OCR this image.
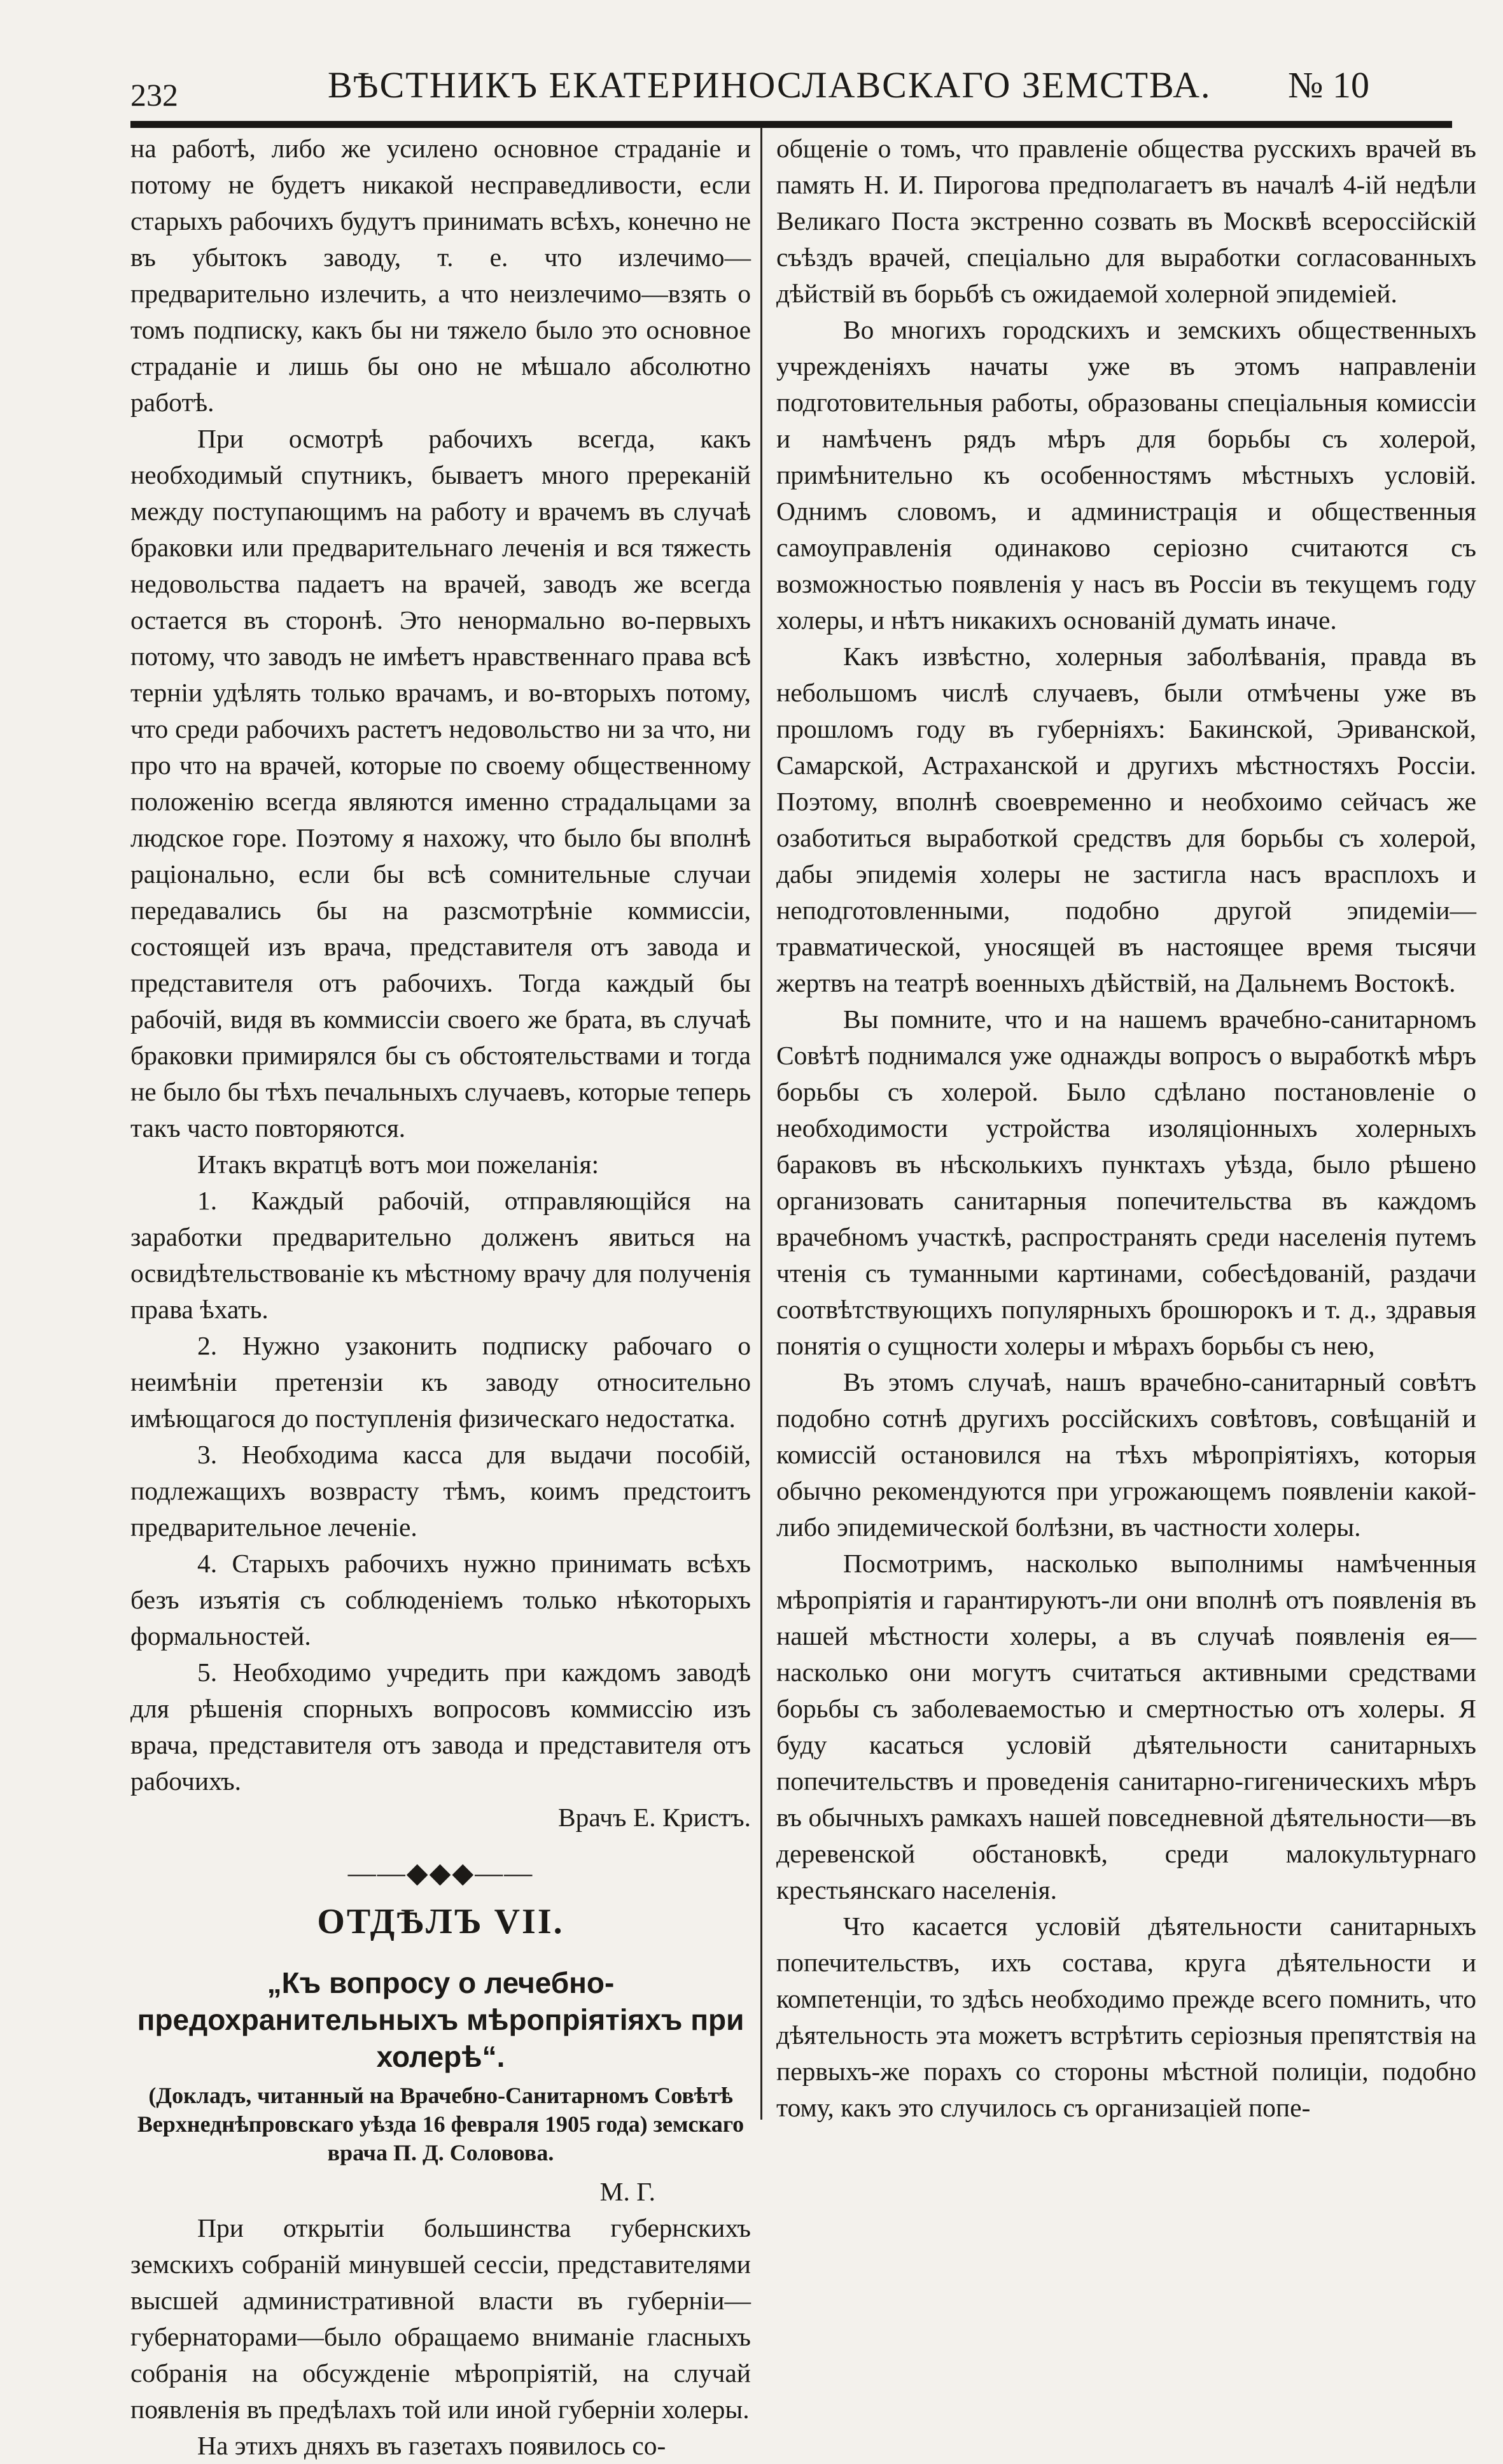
232	ВѢСТНИКЪ ЕКАТЕРИНОСЛАВСКАГО ЗЕМСТВА. № 10

на работѣ, либо же усилено основное страданіе и потому не будетъ никакой несправедливости, если старыхъ рабочихъ будутъ принимать всѣхъ, конечно не въ убытокъ заводу, т. е. что излечимо—предварительно излечить, а что неизлечимо—взять о томъ подписку, какъ бы ни тяжело было это основное страданіе и лишь бы оно не мѣшало абсолютно работѣ.

При осмотрѣ рабочихъ всегда, какъ необходимый спутникъ, бываетъ много пререканій между поступающимъ на работу и врачемъ въ случаѣ браковки или предварительнаго леченія и вся тяжесть недовольства падаетъ на врачей, заводъ же всегда остается въ сторонѣ. Это ненормально во-первыхъ потому, что заводъ не имѣетъ нравственнаго права всѣ терніи удѣлять только врачамъ, и во-вторыхъ потому, что среди рабочихъ растетъ недовольство ни за что, ни про что на врачей, которые по своему общественному положенію всегда являются именно страдальцами за людское горе. Поэтому я нахожу, что было бы вполнѣ раціонально, если бы всѣ сомнительные случаи передавались бы на разсмотрѣніе коммиссіи, состоящей изъ врача, представителя отъ завода и представителя отъ рабочихъ. Тогда каждый бы рабочій, видя въ коммиссіи своего же брата, въ случаѣ браковки примирялся бы съ обстоятельствами и тогда не было бы тѣхъ печальныхъ случаевъ, которые теперь такъ часто повторяются.

Итакъ вкратцѣ вотъ мои пожеланія:

1. Каждый рабочій, отправляющійся на заработки предварительно долженъ явиться на освидѣтельствованіе къ мѣстному врачу для полученія права ѣхать.

2. Нужно узаконить подписку рабочаго о неимѣніи претензіи къ заводу относительно имѣющагося до поступленія физическаго недостатка.

3. Необходима касса для выдачи пособій, подлежащихъ возврасту тѣмъ, коимъ предстоитъ предварительное леченіе.

4. Старыхъ рабочихъ нужно принимать всѣхъ безъ изъятія съ соблюденіемъ только нѣкоторыхъ формальностей.

5. Необходимо учредить при каждомъ заводѣ для рѣшенія спорныхъ вопросовъ коммиссію изъ врача, представителя отъ завода и представителя отъ рабочихъ.

Врачъ Е. Кристъ.

——◆◆◆——
ОТДѢЛЪ VII.
„Къ вопросу о лечебно-предохранительныхъ мѣропріятіяхъ при холерѣ“.
(Докладъ, читанный на Врачебно-Санитарномъ Совѣтѣ Верхнеднѣпровскаго уѣзда 16 февраля 1905 года) земскаго врача П. Д. Соловова.

М. Г.

При открытіи большинства губернскихъ земскихъ собраній минувшей сессіи, представителями высшей административной власти въ губерніи—губернаторами—было обращаемо вниманіе гласныхъ собранія на обсужденіе мѣропріятій, на случай появленія въ предѣлахъ той или иной губерніи холеры.

На этихъ дняхъ въ газетахъ появилось со-

общеніе о томъ, что правленіе общества русскихъ врачей въ память Н. И. Пирогова предполагаетъ въ началѣ 4-ій недѣли Великаго Поста экстренно созвать въ Москвѣ всероссійскій съѣздъ врачей, спеціально для выработки согласованныхъ дѣйствій въ борьбѣ съ ожидаемой холерной эпидеміей.

Во многихъ городскихъ и земскихъ общественныхъ учрежденіяхъ начаты уже въ этомъ направленіи подготовительныя работы, образованы спеціальныя комиссіи и намѣченъ рядъ мѣръ для борьбы съ холерой, примѣнительно къ особенностямъ мѣстныхъ условій. Однимъ словомъ, и администрація и общественныя самоуправленія одинаково серіозно считаются съ возможностью появленія у насъ въ Россіи въ текущемъ году холеры, и нѣтъ никакихъ основаній думать иначе.

Какъ извѣстно, холерныя заболѣванія, правда въ небольшомъ числѣ случаевъ, были отмѣчены уже въ прошломъ году въ губерніяхъ: Бакинской, Эриванской, Самарской, Астраханской и другихъ мѣстностяхъ Россіи. Поэтому, вполнѣ своевременно и необхоимо сейчасъ же озаботиться выработкой средствъ для борьбы съ холерой, дабы эпидемія холеры не застигла насъ врасплохъ и неподготовленными, подобно другой эпидеміи—травматической, уносящей въ настоящее время тысячи жертвъ на театрѣ военныхъ дѣйствій, на Дальнемъ Востокѣ.

Вы помните, что и на нашемъ врачебно-санитарномъ Совѣтѣ поднимался уже однажды вопросъ о выработкѣ мѣръ борьбы съ холерой. Было сдѣлано постановленіе о необходимости устройства изоляціонныхъ холерныхъ бараковъ въ нѣсколькихъ пунктахъ уѣзда, было рѣшено организовать санитарныя попечительства въ каждомъ врачебномъ участкѣ, распространять среди населенія путемъ чтенія съ туманными картинами, собесѣдованій, раздачи соотвѣтствующихъ популярныхъ брошюрокъ и т. д., здравыя понятія о сущности холеры и мѣрахъ борьбы съ нею,

Въ этомъ случаѣ, нашъ врачебно-санитарный совѣтъ подобно сотнѣ другихъ россійскихъ совѣтовъ, совѣщаній и комиссій остановился на тѣхъ мѣропріятіяхъ, которыя обычно рекомендуются при угрожающемъ появленіи какой-либо эпидемической болѣзни, въ частности холеры.

Посмотримъ, насколько выполнимы намѣченныя мѣропріятія и гарантируютъ-ли они вполнѣ отъ появленія въ нашей мѣстности холеры, а въ случаѣ появленія ея—насколько они могутъ считаться активными средствами борьбы съ заболеваемостью и смертностью отъ холеры. Я буду касаться условій дѣятельности санитарныхъ попечительствъ и проведенія санитарно-гигеническихъ мѣръ въ обычныхъ рамкахъ нашей повседневной дѣятельности—въ деревенской обстановкѣ, среди малокультурнаго крестьянскаго населенія.

Что касается условій дѣятельности санитарныхъ попечительствъ, ихъ состава, круга дѣятельности и компетенціи, то здѣсь необходимо прежде всего помнить, что дѣятельность эта можетъ встрѣтить серіозныя препятствія на первыхъ-же порахъ со стороны мѣстной полиціи, подобно тому, какъ это случилось съ организаціей попе-
